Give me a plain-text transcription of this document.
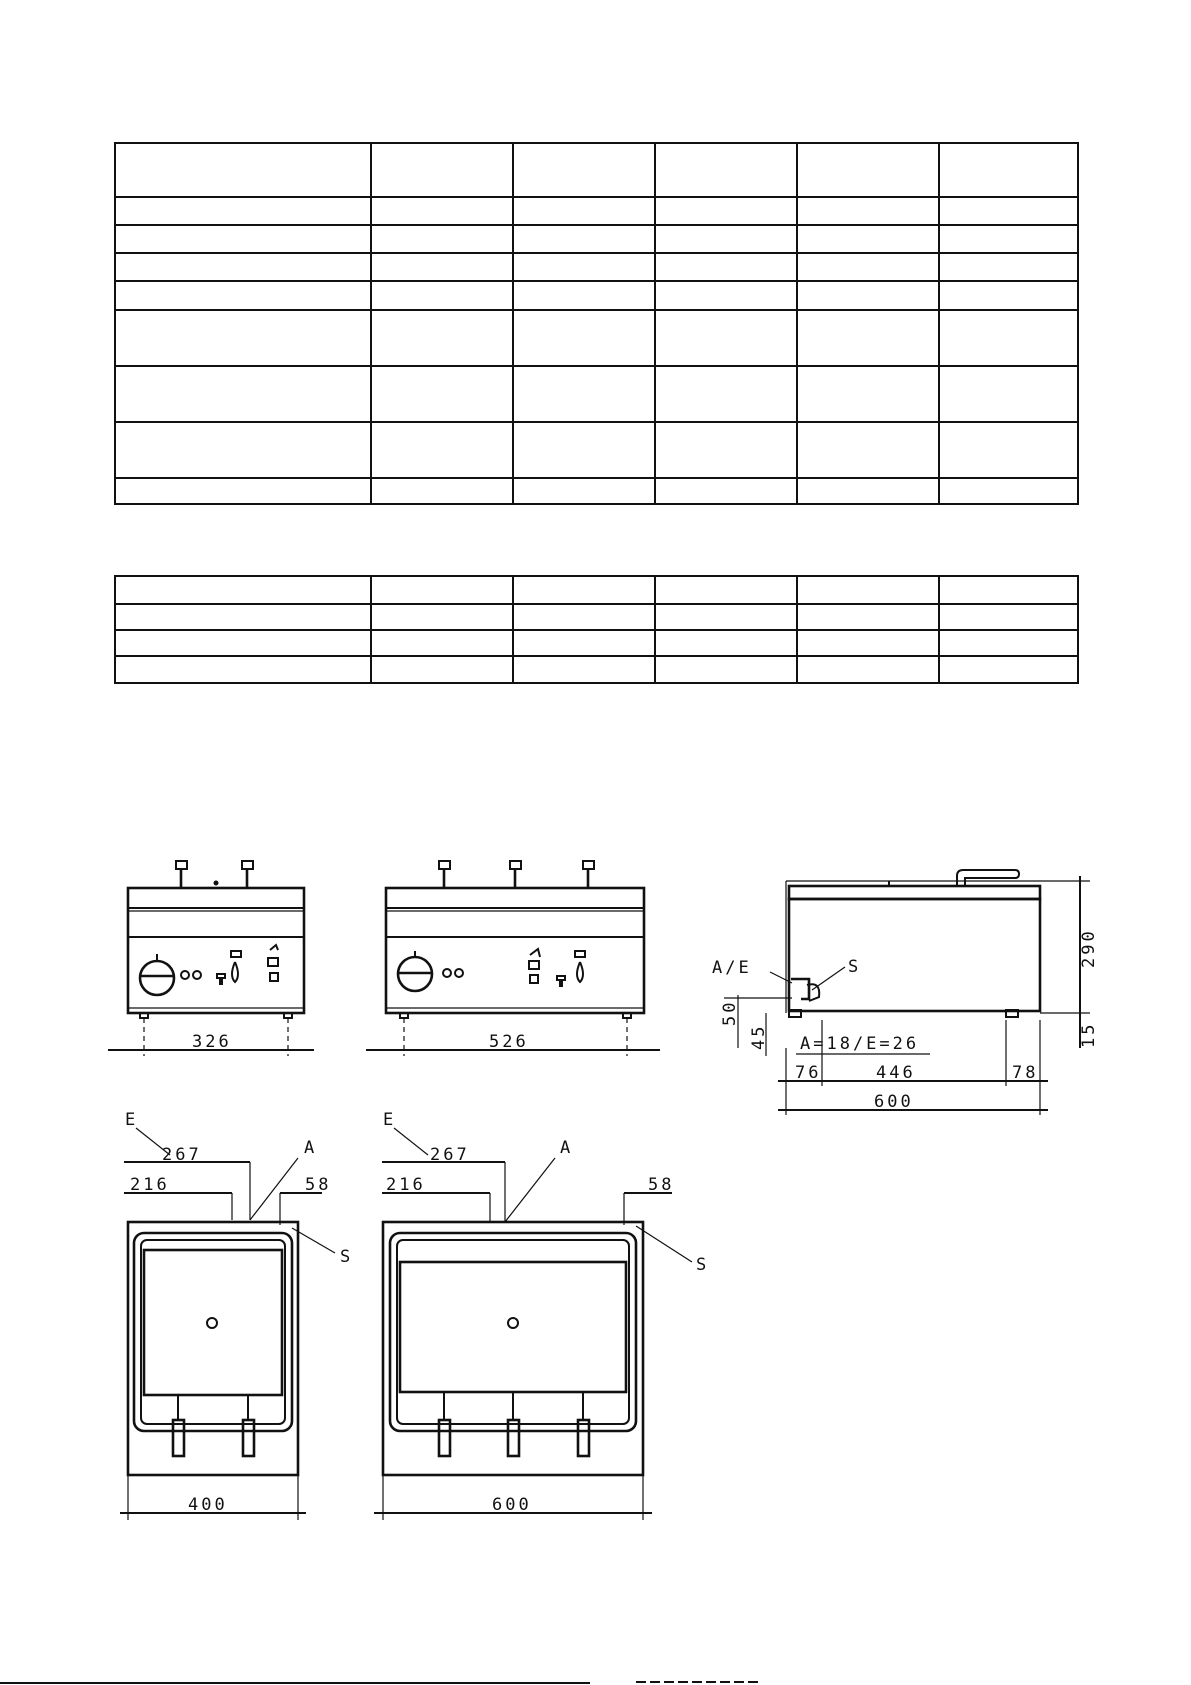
326	526
290
15
A/E	S
50
45 A=18/E=26
76	446	78
600
E
A
267
216	58
S
400
E
A
267
216	58
S
600
